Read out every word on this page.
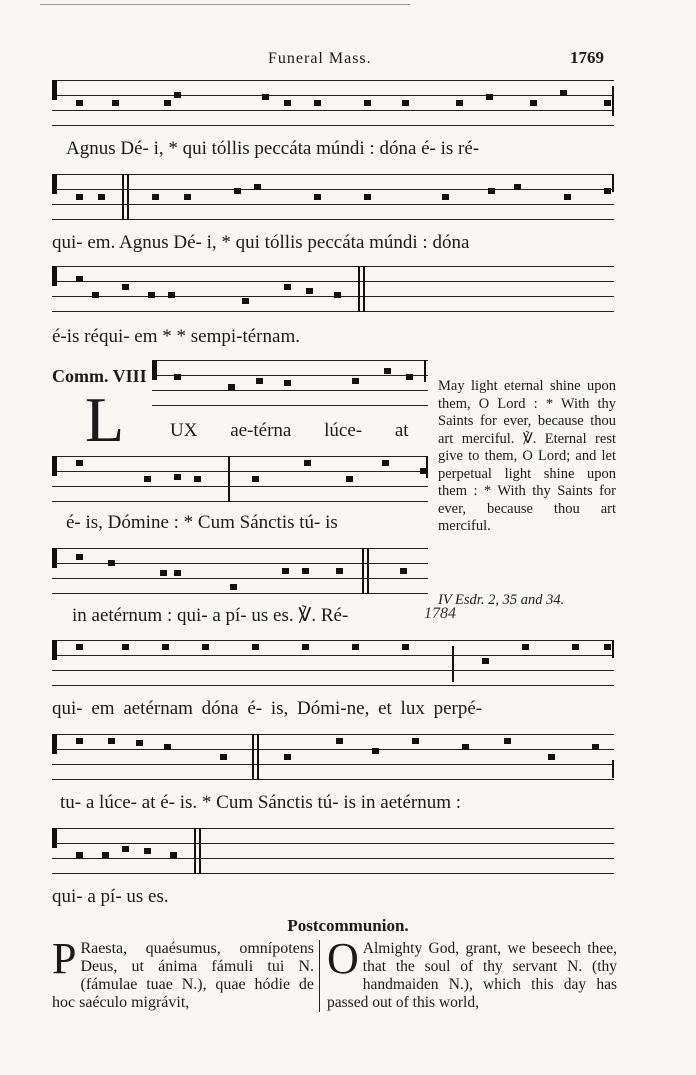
Funeral Mass.	1769
Agnus Dé- i, * qui tóllis peccáta múndi : dóna é- is ré-
qui- em. Agnus Dé- i, * qui tóllis peccáta múndi : dóna
é-is réqui- em * * sempi-térnam.
Comm. VIII
L UX ae-térna lúce- at
é- is, Dómine : * Cum Sánctis tú- is
in aetérnum : qui- a pí- us es. ℣. Ré-	1784
May light eternal shine upon them, O Lord : * With thy Saints for ever, because thou art merciful. ℣. Eternal rest give to them, O Lord; and let perpetual light shine upon them : * With thy Saints for ever, because thou art merciful.
IV Esdr. 2, 35 and 34.
qui- em aetérnam dóna é- is, Dómi-ne, et lux perpé-
tu- a lúce- at é- is. * Cum Sánctis tú- is in aetérnum :
qui- a pí- us es.
Postcommunion.
P Raesta, quaésumus, omnípotens Deus, ut ánima fámuli tui N. (fámulae tuae N.), quae hódie de hoc saéculo migrávit,
O Almighty God, grant, we beseech thee, that the soul of thy servant N. (thy handmaiden N.), which this day has passed out of this world,
